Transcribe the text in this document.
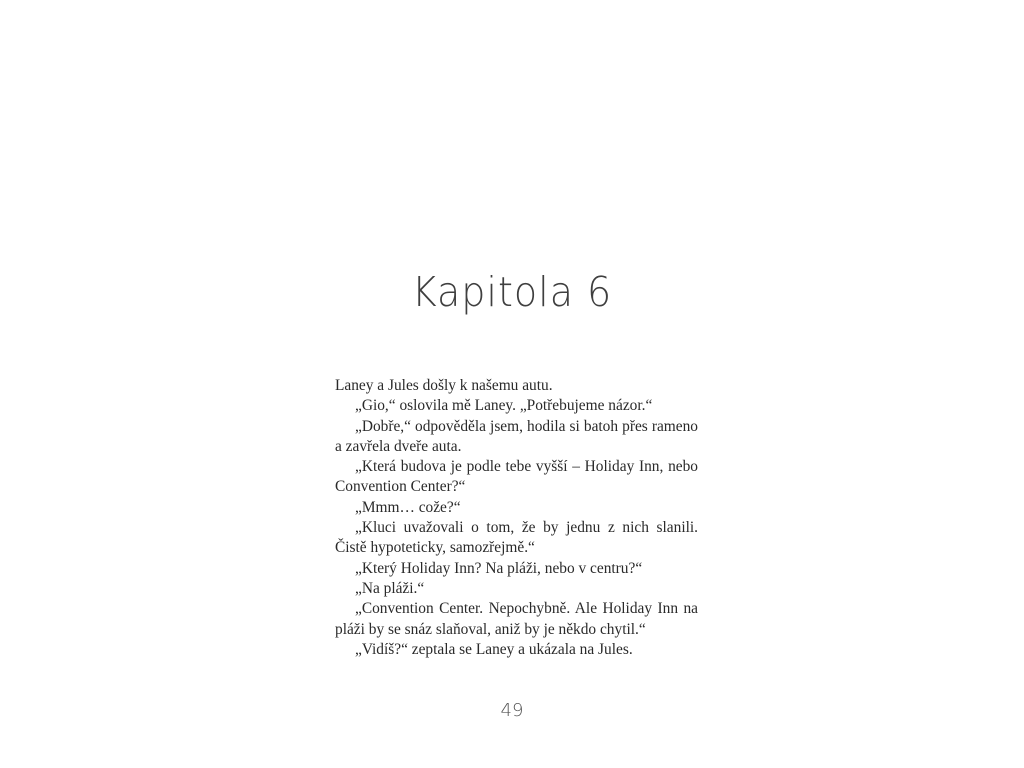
Kapitola 6

Laney a Jules došly k našemu autu.

„Gio,“ oslovila mě Laney. „Potřebujeme názor.“

„Dobře,“ odpověděla jsem, hodila si batoh přes rameno a zavřela dveře auta.

„Která budova je podle tebe vyšší – Holiday Inn, nebo Convention Center?“

„Mmm… cože?“

„Kluci uvažovali o tom, že by jednu z nich slanili. Čistě hypoteticky, samozřejmě.“

„Který Holiday Inn? Na pláži, nebo v centru?“

„Na pláži.“

„Convention Center. Nepochybně. Ale Holiday Inn na pláži by se snáz slaňoval, aniž by je někdo chytil.“

„Vidíš?“ zeptala se Laney a ukázala na Jules.

49
